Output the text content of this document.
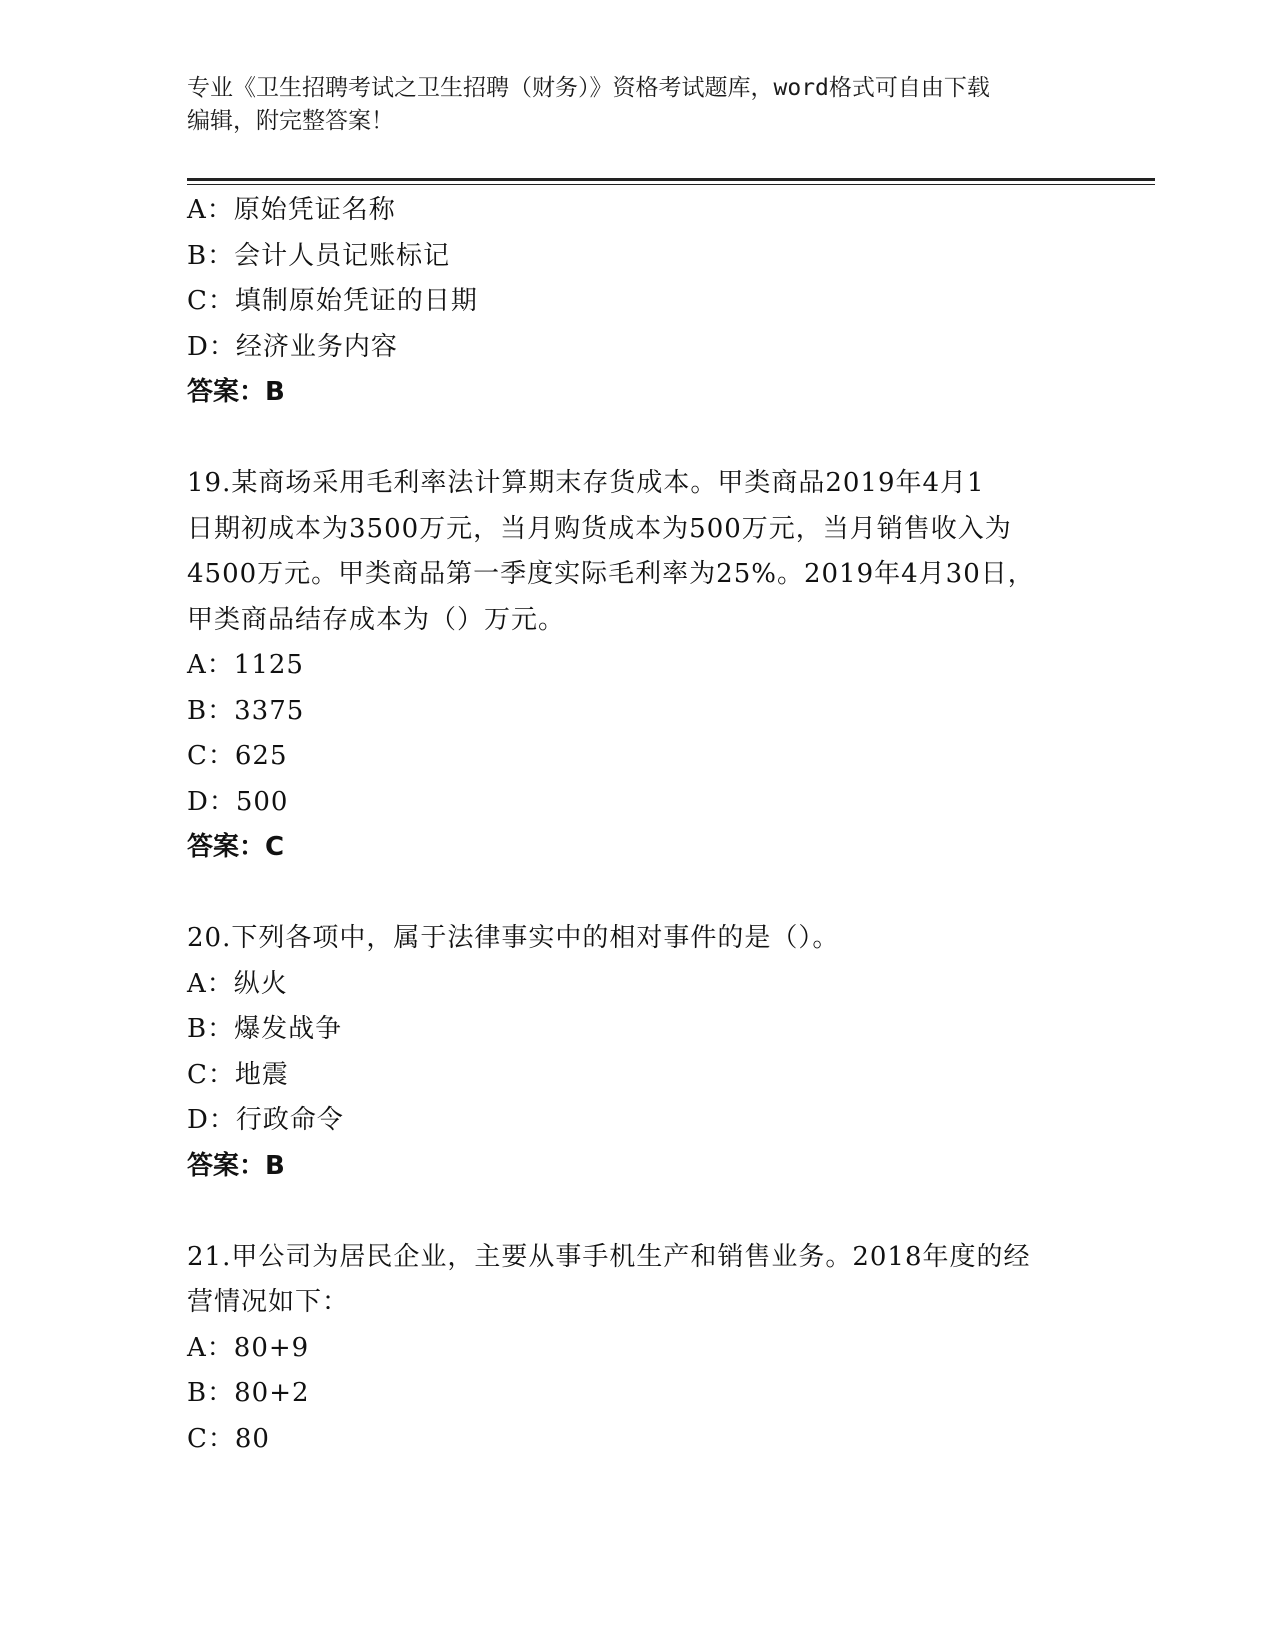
专业《卫生招聘考试之卫生招聘（财务）》资格考试题库，word格式可自由下载
编辑，附完整答案！
A：原始凭证名称
B：会计人员记账标记
C：填制原始凭证的日期
D：经济业务内容
答案：B
19.某商场采用毛利率法计算期末存货成本。甲类商品2019年4月1
日期初成本为3500万元，当月购货成本为500万元，当月销售收入为
4500万元。甲类商品第一季度实际毛利率为25%。2019年4月30日，
甲类商品结存成本为（）万元。
A：1125
B：3375
C：625
D：500
答案：C
20.下列各项中，属于法律事实中的相对事件的是（）。
A：纵火
B：爆发战争
C：地震
D：行政命令
答案：B
21.甲公司为居民企业，主要从事手机生产和销售业务。2018年度的经
营情况如下：
A：80+9
B：80+2
C：80
